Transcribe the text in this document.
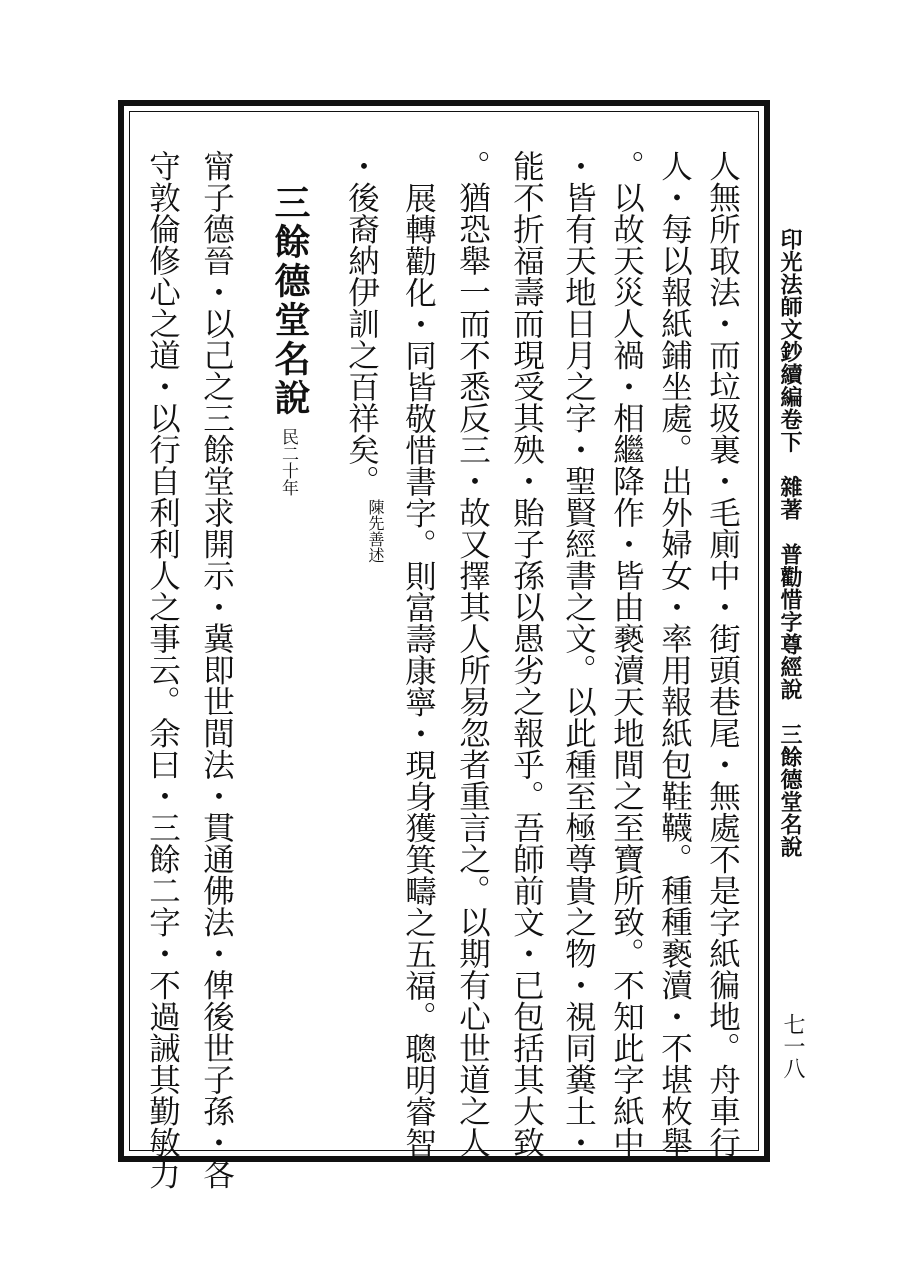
印光法師文鈔續編卷下　雜著　普勸惜字尊經說　三餘德堂名說
七一八
人無所取法・而垃圾裏・毛廁中・街頭巷尾・無處不是字紙徧地。舟車行
人・每以報紙鋪坐處。出外婦女・率用報紙包鞋韈。種種褻瀆・不堪枚舉
。以故天災人禍・相繼降作・皆由褻瀆天地間之至寶所致。不知此字紙中
・皆有天地日月之字・聖賢經書之文。以此種至極尊貴之物・視同糞土・
能不折福壽而現受其殃・貽子孫以愚劣之報乎。吾師前文・已包括其大致
。猶恐舉一而不悉反三・故又擇其人所易忽者重言之。以期有心世道之人
展轉勸化・同皆敬惜書字。則富壽康寧・現身獲箕疇之五福。聰明睿智
・後裔納伊訓之百祥矣。
陳先善述
三餘德堂名說
民二十年
甯子德晉・以己之三餘堂求開示・冀即世間法・貫通佛法・俾後世子孫・各
守敦倫修心之道・以行自利利人之事云。余曰・三餘二字・不過誡其勤敏力
